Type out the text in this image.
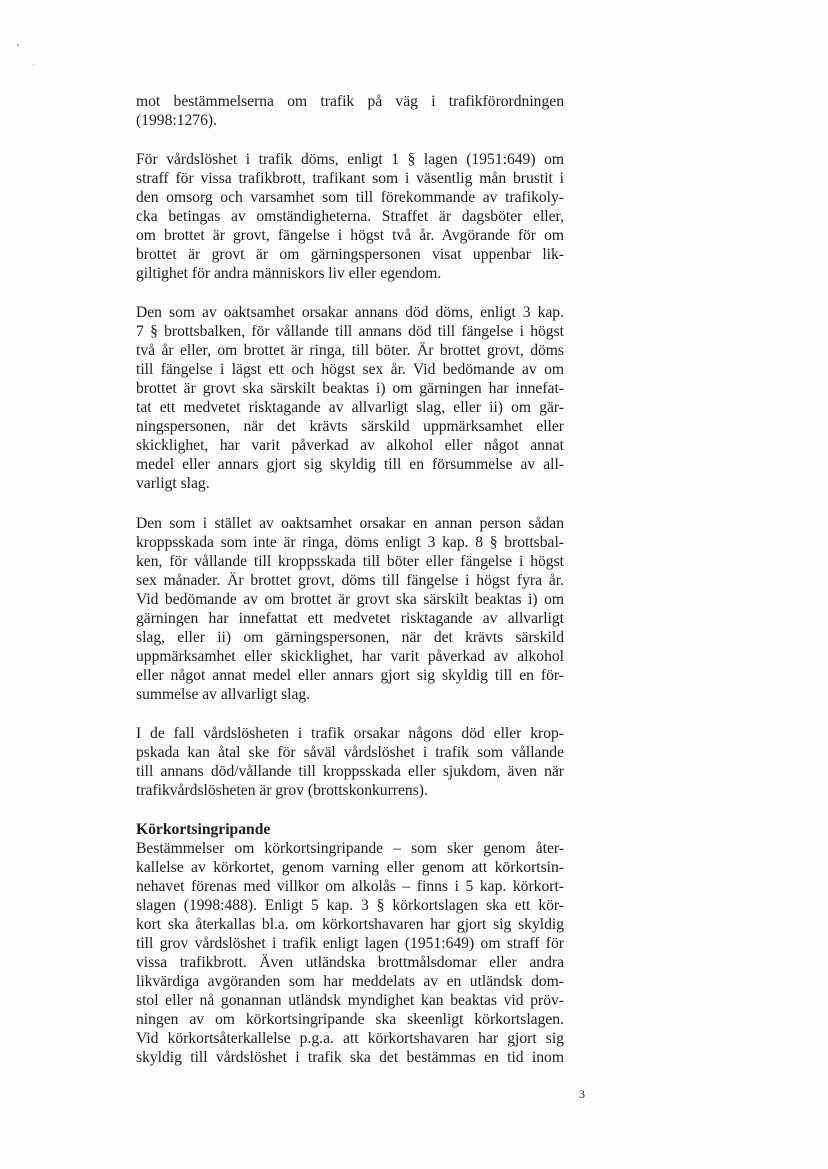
mot bestämmelserna om trafik på väg i trafikförordningen
(1998:1276).
För vårdslöshet i trafik döms, enligt 1 § lagen (1951:649) om
straff för vissa trafikbrott, trafikant som i väsentlig mån brustit i
den omsorg och varsamhet som till förekommande av trafikoly-
cka betingas av omständigheterna. Straffet är dagsböter eller,
om brottet är grovt, fängelse i högst två år. Avgörande för om
brottet är grovt är om gärningspersonen visat uppenbar lik-
giltighet för andra människors liv eller egendom.
Den som av oaktsamhet orsakar annans död döms, enligt 3 kap.
7 § brottsbalken, för vållande till annans död till fängelse i högst
två år eller, om brottet är ringa, till böter. Är brottet grovt, döms
till fängelse i lägst ett och högst sex år. Vid bedömande av om
brottet är grovt ska särskilt beaktas i) om gärningen har innefat-
tat ett medvetet risktagande av allvarligt slag, eller ii) om gär-
ningspersonen, när det krävts särskild uppmärksamhet eller
skicklighet, har varit påverkad av alkohol eller något annat
medel eller annars gjort sig skyldig till en försummelse av all-
varligt slag.
Den som i stället av oaktsamhet orsakar en annan person sådan
kroppsskada som inte är ringa, döms enligt 3 kap. 8 § brottsbal-
ken, för vållande till kroppsskada till böter eller fängelse i högst
sex månader. Är brottet grovt, döms till fängelse i högst fyra år.
Vid bedömande av om brottet är grovt ska särskilt beaktas i) om
gärningen har innefattat ett medvetet risktagande av allvarligt
slag, eller ii) om gärningspersonen, när det krävts särskild
uppmärksamhet eller skicklighet, har varit påverkad av alkohol
eller något annat medel eller annars gjort sig skyldig till en för-
summelse av allvarligt slag.
I de fall vårdslösheten i trafik orsakar någons död eller krop-
pskada kan åtal ske för såväl vårdslöshet i trafik som vållande
till annans död/vållande till kroppsskada eller sjukdom, även när
trafikvårdslösheten är grov (brottskonkurrens).
Körkortsingripande
Bestämmelser om körkortsingripande – som sker genom åter-
kallelse av körkortet, genom varning eller genom att körkortsin-
nehavet förenas med villkor om alkolås – finns i 5 kap. körkort-
slagen (1998:488). Enligt 5 kap. 3 § körkortslagen ska ett kör-
kort ska återkallas bl.a. om körkortshavaren har gjort sig skyldig
till grov vårdslöshet i trafik enligt lagen (1951:649) om straff för
vissa trafikbrott. Även utländska brottmålsdomar eller andra
likvärdiga avgöranden som har meddelats av en utländsk dom-
stol eller nå gonannan utländsk myndighet kan beaktas vid pröv-
ningen av om körkortsingripande ska skeenligt körkortslagen.
Vid körkortsåterkallelse p.g.a. att körkortshavaren har gjort sig
skyldig till vårdslöshet i trafik ska det bestämmas en tid inom
3
